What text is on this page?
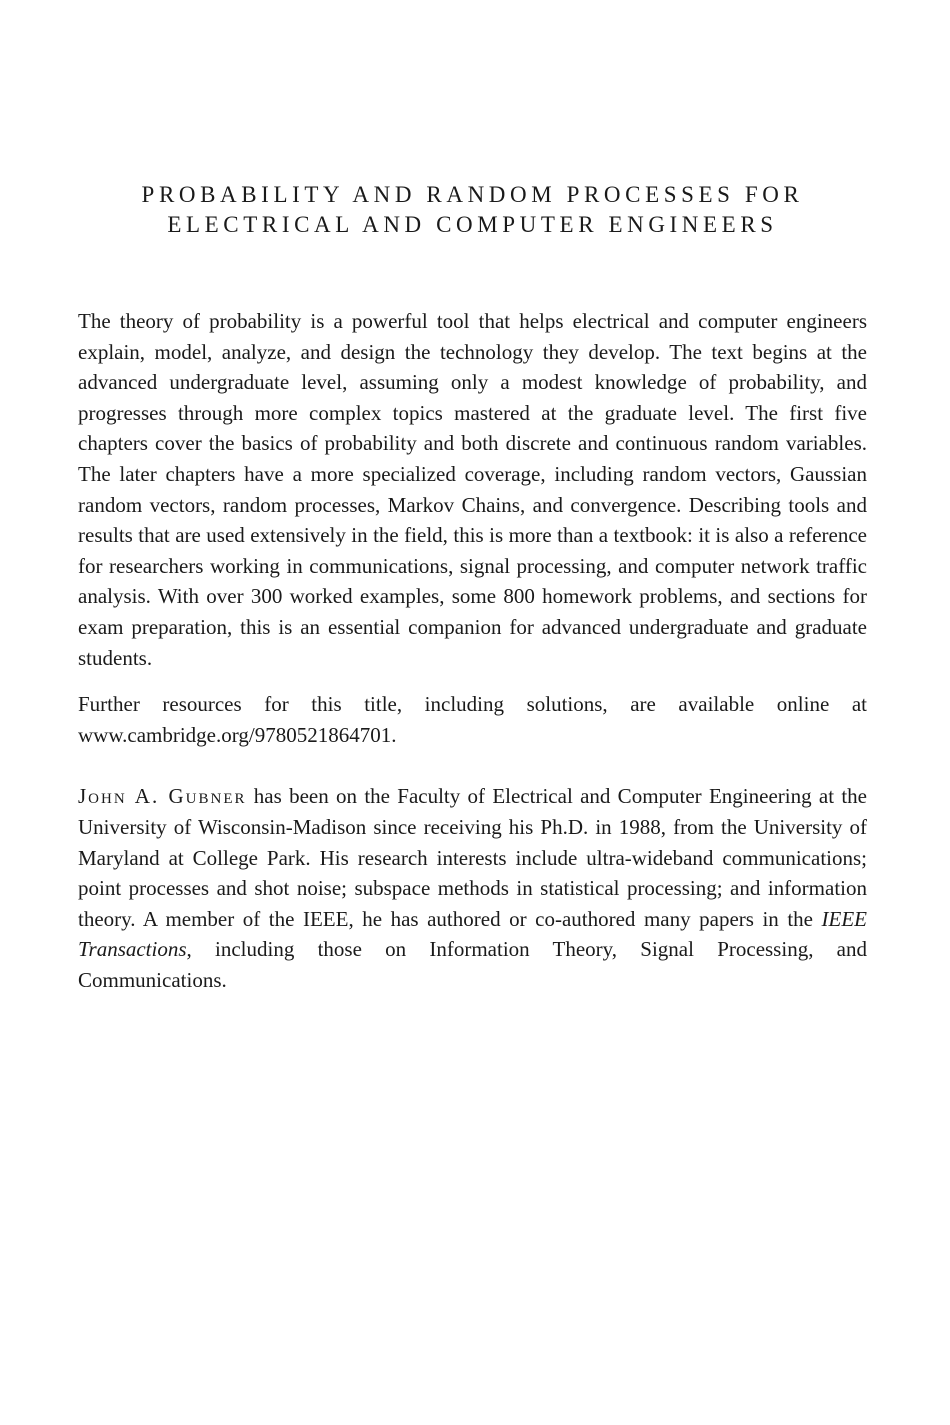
PROBABILITY AND RANDOM PROCESSES FOR
ELECTRICAL AND COMPUTER ENGINEERS

The theory of probability is a powerful tool that helps electrical and computer engineers explain, model, analyze, and design the technology they develop. The text begins at the advanced undergraduate level, assuming only a modest knowledge of probability, and progresses through more complex topics mastered at the graduate level. The first five chapters cover the basics of probability and both discrete and continuous random variables. The later chapters have a more specialized coverage, including random vectors, Gaussian random vectors, random processes, Markov Chains, and convergence. Describing tools and results that are used extensively in the field, this is more than a textbook: it is also a reference for researchers working in communications, signal processing, and computer network traffic analysis. With over 300 worked examples, some 800 homework problems, and sections for exam preparation, this is an essential companion for advanced undergraduate and graduate students.

Further resources for this title, including solutions, are available online at www.cambridge.org/9780521864701.

John A. Gubner has been on the Faculty of Electrical and Computer Engineering at the University of Wisconsin-Madison since receiving his Ph.D. in 1988, from the University of Maryland at College Park. His research interests include ultra-wideband communications; point processes and shot noise; subspace methods in statistical processing; and information theory. A member of the IEEE, he has authored or co-authored many papers in the IEEE Transactions, including those on Information Theory, Signal Processing, and Communications.
